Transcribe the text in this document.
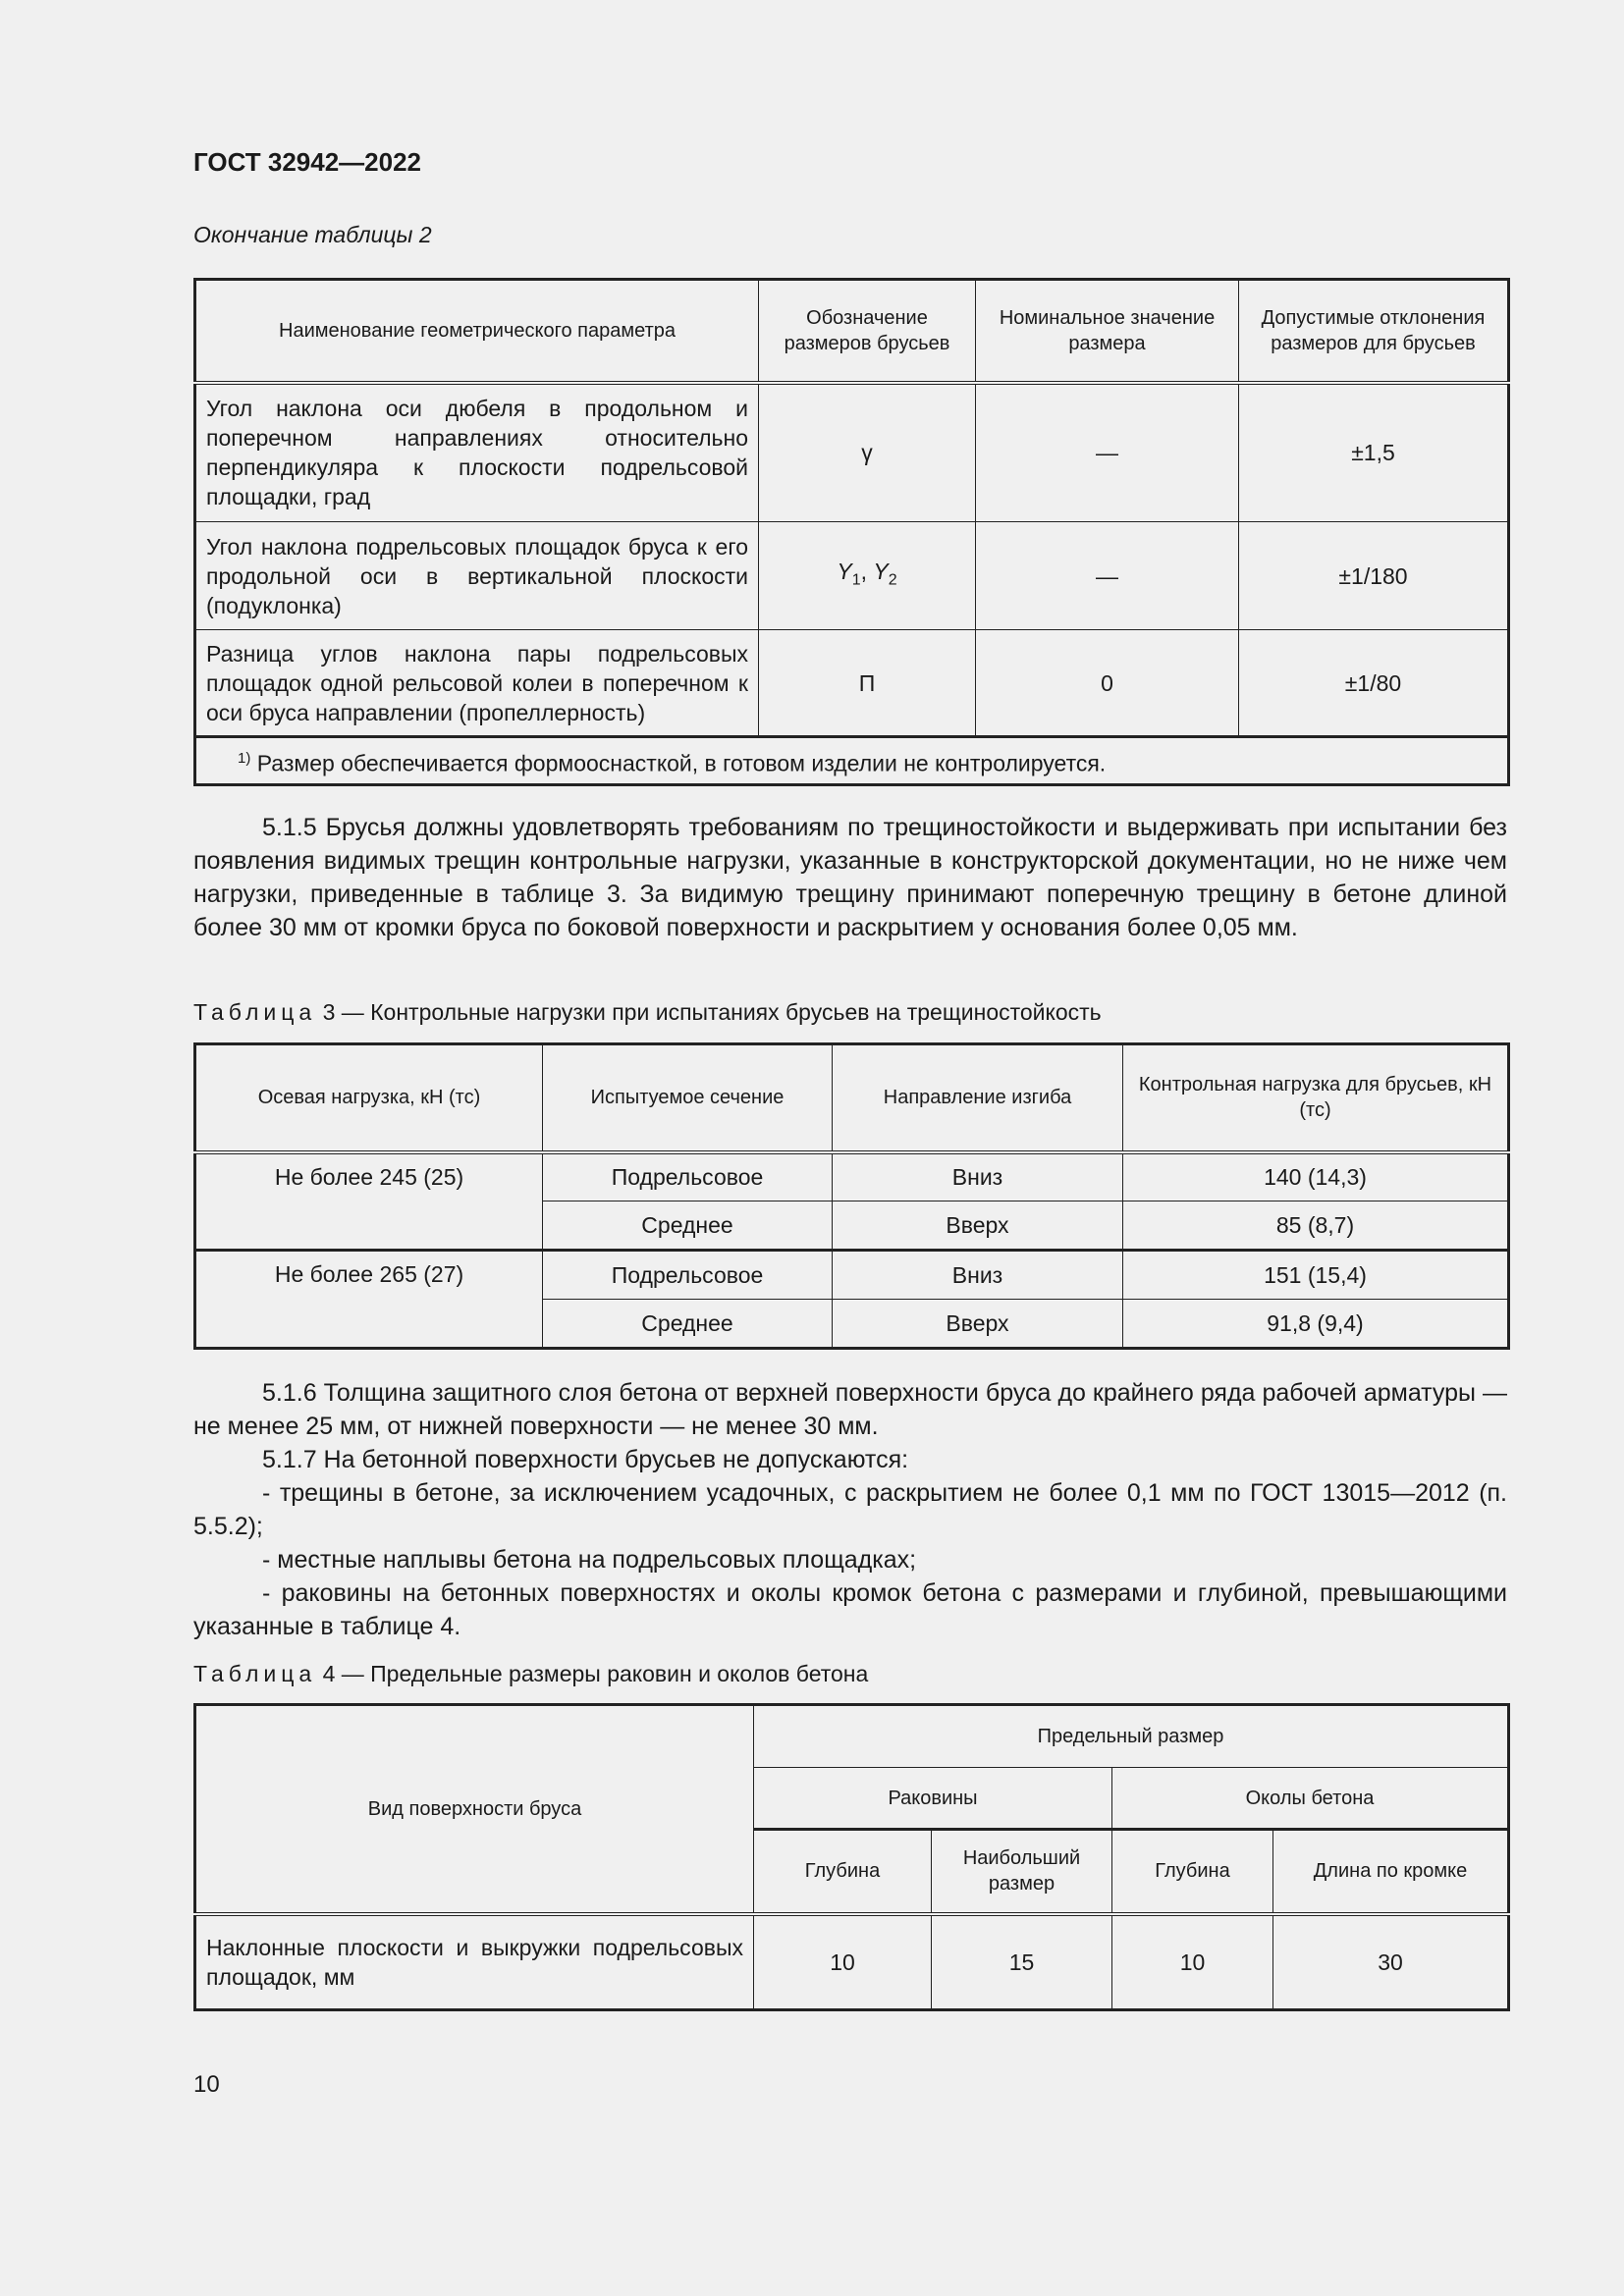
ГОСТ 32942—2022
Окончание таблицы 2
Наименование геометрического параметра	Обозначение размеров брусьев	Номинальное значение размера	Допустимые отклонения размеров для брусьев
Угол наклона оси дюбеля в продольном и поперечном направлениях относительно перпендикуляра к плоскости подрельсовой площадки, град	γ	—	±1,5
Угол наклона подрельсовых площадок бруса к его продольной оси в вертикальной плоскости (подуклонка)	$Y_1$, $Y_2$	—	±1/180
Разница углов наклона пары подрельсовых площадок одной рельсовой колеи в поперечном к оси бруса направлении (пропеллерность)	П	0	±1/80
$^{1)}$ Размер обеспечивается формооснасткой, в готовом изделии не контролируется.			
5.1.5 Брусья должны удовлетворять требованиям по трещиностойкости и выдерживать при испытании без появления видимых трещин контрольные нагрузки, указанные в конструкторской документации, но не ниже чем нагрузки, приведенные в таблице 3. За видимую трещину принимают поперечную трещину в бетоне длиной более 30 мм от кромки бруса по боковой поверхности и раскрытием у основания более 0,05 мм.
Таблица 3 — Контрольные нагрузки при испытаниях брусьев на трещиностойкость
Осевая нагрузка, кН (тс)	Испытуемое сечение	Направление изгиба	Контрольная нагрузка для брусьев, кН (тс)
Не более 245 (25)	Подрельсовое	Вниз	140 (14,3)
	Среднее	Вверх	85 (8,7)
Не более 265 (27)	Подрельсовое	Вниз	151 (15,4)
	Среднее	Вверх	91,8 (9,4)
5.1.6 Толщина защитного слоя бетона от верхней поверхности бруса до крайнего ряда рабочей арматуры — не менее 25 мм, от нижней поверхности — не менее 30 мм.
5.1.7 На бетонной поверхности брусьев не допускаются:
- трещины в бетоне, за исключением усадочных, с раскрытием не более 0,1 мм по ГОСТ 13015—2012 (п. 5.5.2);
- местные наплывы бетона на подрельсовых площадках;
- раковины на бетонных поверхностях и околы кромок бетона с размерами и глубиной, превышающими указанные в таблице 4.
Таблица 4 — Предельные размеры раковин и околов бетона
Вид поверхности бруса	Предельный размер			
	Раковины		Околы бетона	
	Глубина	Наибольший размер	Глубина	Длина по кромке
Наклонные плоскости и выкружки подрельсовых площадок, мм	10	15	10	30
10
